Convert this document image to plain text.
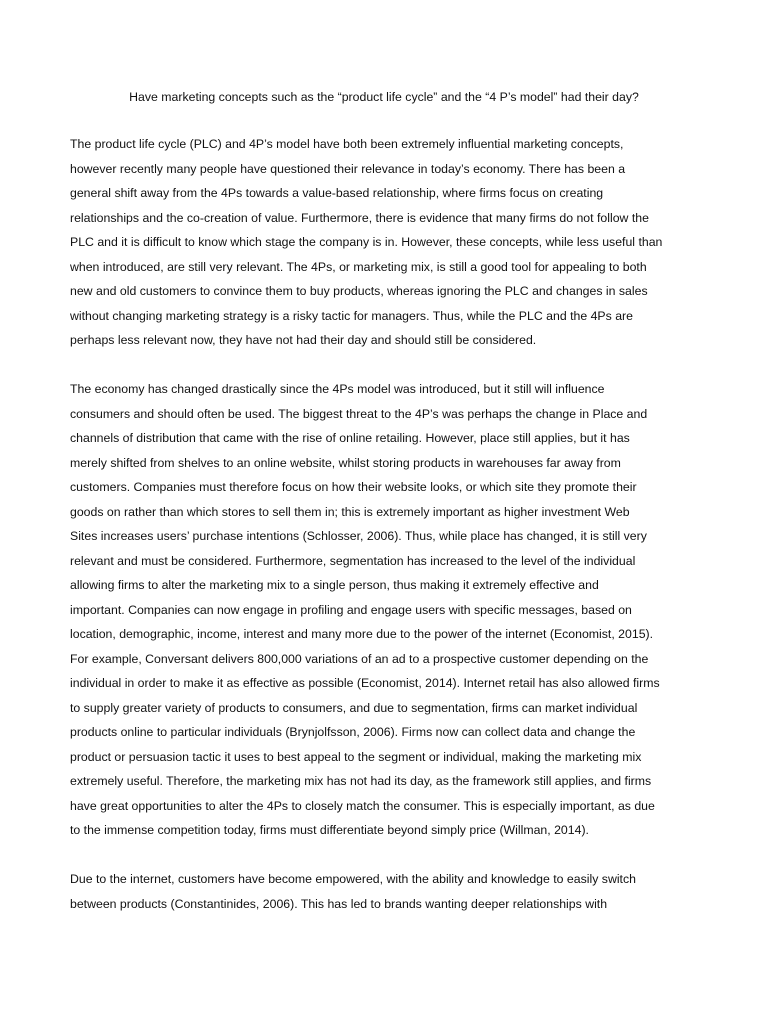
Have marketing concepts such as the “product life cycle” and the “4 P’s model” had their day?
The product life cycle (PLC) and 4P’s model have both been extremely influential marketing concepts,
however recently many people have questioned their relevance in today’s economy. There has been a
general shift away from the 4Ps towards a value-based relationship, where firms focus on creating
relationships and the co-creation of value. Furthermore, there is evidence that many firms do not follow the
PLC and it is difficult to know which stage the company is in. However, these concepts, while less useful than
when introduced, are still very relevant. The 4Ps, or marketing mix, is still a good tool for appealing to both
new and old customers to convince them to buy products, whereas ignoring the PLC and changes in sales
without changing marketing strategy is a risky tactic for managers. Thus, while the PLC and the 4Ps are
perhaps less relevant now, they have not had their day and should still be considered.
The economy has changed drastically since the 4Ps model was introduced, but it still will influence
consumers and should often be used. The biggest threat to the 4P’s was perhaps the change in Place and
channels of distribution that came with the rise of online retailing. However, place still applies, but it has
merely shifted from shelves to an online website, whilst storing products in warehouses far away from
customers. Companies must therefore focus on how their website looks, or which site they promote their
goods on rather than which stores to sell them in; this is extremely important as higher investment Web
Sites increases users’ purchase intentions (Schlosser, 2006). Thus, while place has changed, it is still very
relevant and must be considered. Furthermore, segmentation has increased to the level of the individual
allowing firms to alter the marketing mix to a single person, thus making it extremely effective and
important. Companies can now engage in profiling and engage users with specific messages, based on
location, demographic, income, interest and many more due to the power of the internet (Economist, 2015).
For example, Conversant delivers 800,000 variations of an ad to a prospective customer depending on the
individual in order to make it as effective as possible (Economist, 2014). Internet retail has also allowed firms
to supply greater variety of products to consumers, and due to segmentation, firms can market individual
products online to particular individuals (Brynjolfsson, 2006). Firms now can collect data and change the
product or persuasion tactic it uses to best appeal to the segment or individual, making the marketing mix
extremely useful. Therefore, the marketing mix has not had its day, as the framework still applies, and firms
have great opportunities to alter the 4Ps to closely match the consumer. This is especially important, as due
to the immense competition today, firms must differentiate beyond simply price (Willman, 2014).
Due to the internet, customers have become empowered, with the ability and knowledge to easily switch
between products (Constantinides, 2006). This has led to brands wanting deeper relationships with
